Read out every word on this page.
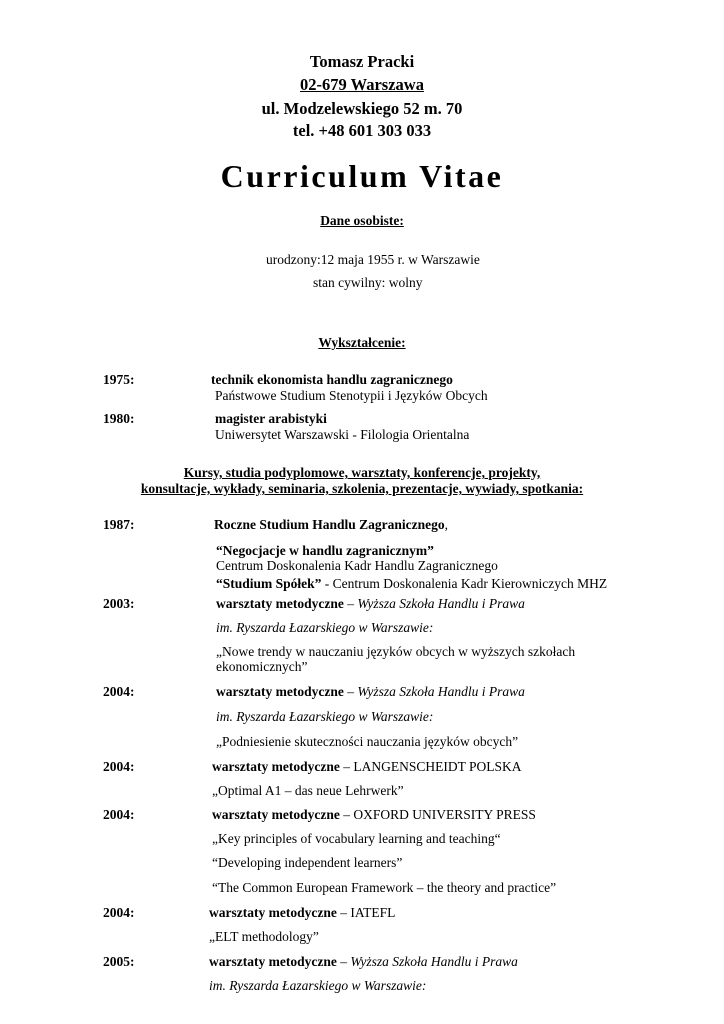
Tomasz Pracki
02-679 Warszawa
ul. Modzelewskiego 52 m. 70
tel. +48 601 303 033
Curriculum Vitae
Dane osobiste:
urodzony:12 maja 1955 r. w Warszawie
stan cywilny: wolny
Wykształcenie:
1975:	technik ekonomista handlu zagranicznego
Państwowe Studium Stenotypii i Języków Obcych
1980:	magister arabistyki
Uniwersytet Warszawski - Filologia Orientalna
Kursy, studia podyplomowe, warsztaty, konferencje, projekty,
konsultacje, wykłady, seminaria, szkolenia, prezentacje, wywiady, spotkania:
1987:	Roczne Studium Handlu Zagranicznego,
“Negocjacje w handlu zagranicznym”
Centrum Doskonalenia Kadr Handlu Zagranicznego
“Studium Spółek” - Centrum Doskonalenia Kadr Kierowniczych MHZ
2003:	warsztaty metodyczne – Wyższa Szkoła Handlu i Prawa
im. Ryszarda Łazarskiego w Warszawie:
„Nowe trendy w nauczaniu języków obcych w wyższych szkołach
ekonomicznych”
2004:	warsztaty metodyczne – Wyższa Szkoła Handlu i Prawa
im. Ryszarda Łazarskiego w Warszawie:
„Podniesienie skuteczności nauczania języków obcych”
2004:	warsztaty metodyczne – LANGENSCHEIDT POLSKA
„Optimal A1 – das neue Lehrwerk”
2004:	warsztaty metodyczne – OXFORD UNIVERSITY PRESS
„Key principles of vocabulary learning and teaching“
“Developing independent learners”
“The Common European Framework – the theory and practice”
2004:	warsztaty metodyczne – IATEFL
„ELT methodology”
2005:	warsztaty metodyczne – Wyższa Szkoła Handlu i Prawa
im. Ryszarda Łazarskiego w Warszawie:
